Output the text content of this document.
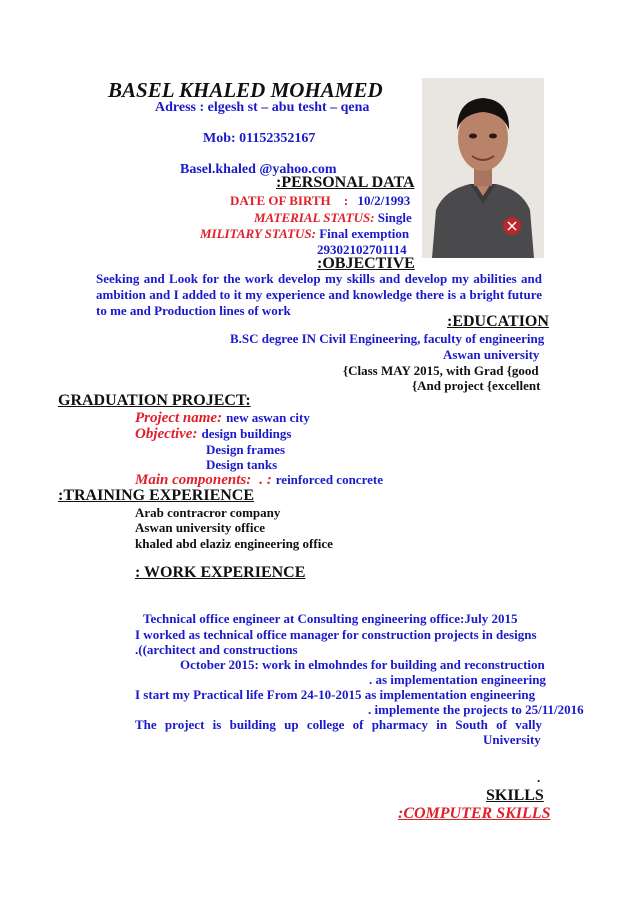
BASEL KHALED MOHAMED
Adress : elgesh st – abu tesht – qena
Mob: 01152352167
Basel.khaled @yahoo.com
:PERSONAL DATA
DATE OF BIRTH : 10/2/1993
MATERIAL STATUS: Single
MILITARY STATUS: Final exemption
29302102701114
:OBJECTIVE
Seeking and Look for the work develop my skills and develop my abilities and
ambition and I added to it my experience and knowledge there is a bright future
to me and Production lines of work
:EDUCATION
B.SC degree IN Civil Engineering, faculty of engineering
Aswan university
{Class MAY 2015, with Grad {good
{And project {excellent
GRADUATION PROJECT:
Project name: new aswan city
Objective: design buildings
Design frames
Design tanks
Main components: . : reinforced concrete
:TRAINING EXPERIENCE
Arab contracror company
Aswan university office
khaled abd elaziz engineering office
: WORK EXPERIENCE
Technical office engineer at Consulting engineering office:July 2015
I worked as technical office manager for construction projects in designs
.((architect and constructions
October 2015: work in elmohndes for building and reconstruction
. as implementation engineering
I start my Practical life From 24-10-2015 as implementation engineering
. implemente the projects to 25/11/2016
The project is building up college of pharmacy in South of vally
University
.
SKILLS
:COMPUTER SKILLS
